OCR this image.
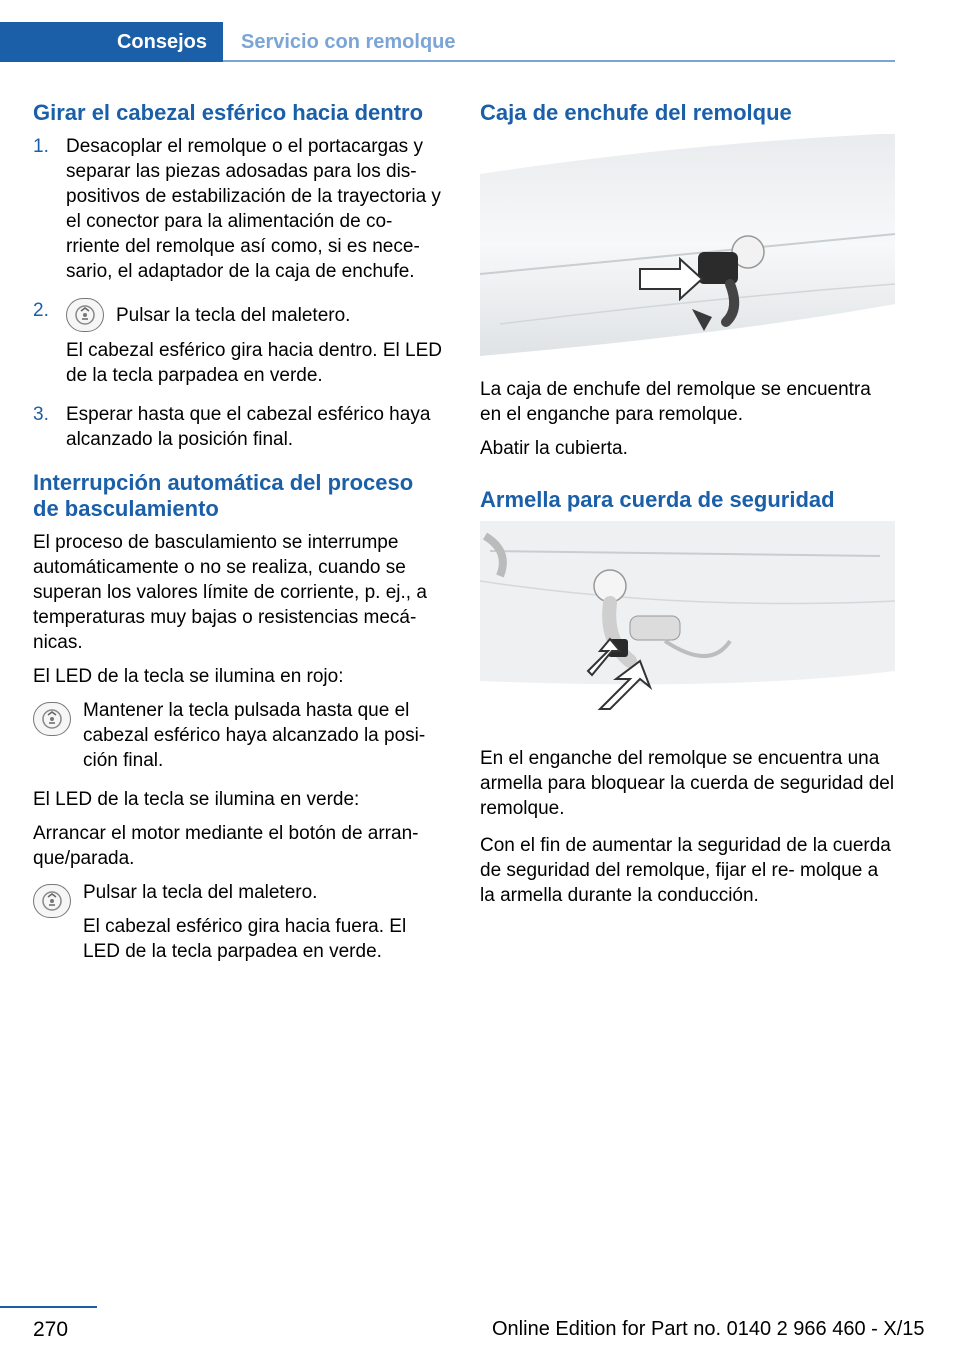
Consejos	Servicio con remolque
Girar el cabezal esférico hacia dentro
1. Desacoplar el remolque o el portacargas y separar las piezas adosadas para los dis‐ positivos de estabilización de la trayectoria y el conector para la alimentación de co‐ rriente del remolque así como, si es nece‐ sario, el adaptador de la caja de enchufe.

2.	Pulsar la tecla del maletero.

El cabezal esférico gira hacia dentro. El LED de la tecla parpadea en verde.

3. Esperar hasta que el cabezal esférico haya alcanzado la posición final.

Interrupción automática del proceso de basculamiento

El proceso de basculamiento se interrumpe automáticamente o no se realiza, cuando se superan los valores límite de corriente, p. ej., a temperaturas muy bajas o resistencias mecá‐ nicas.

El LED de la tecla se ilumina en rojo:

Mantener la tecla pulsada hasta que el cabezal esférico haya alcanzado la posi‐ ción final.

El LED de la tecla se ilumina en verde:

Arrancar el motor mediante el botón de arran‐ que/parada.

Pulsar la tecla del maletero.

El cabezal esférico gira hacia fuera. El LED de la tecla parpadea en verde.

Caja de enchufe del remolque

La caja de enchufe del remolque se encuentra en el enganche para remolque.

Abatir la cubierta.

Armella para cuerda de seguridad

En el enganche del remolque se encuentra una armella para bloquear la cuerda de seguridad del remolque.

Con el fin de aumentar la seguridad de la cuerda de seguridad del remolque, fijar el re‐ molque a la armella durante la conducción.

270	Online Edition for Part no. 0140 2 966 460 - X/15
